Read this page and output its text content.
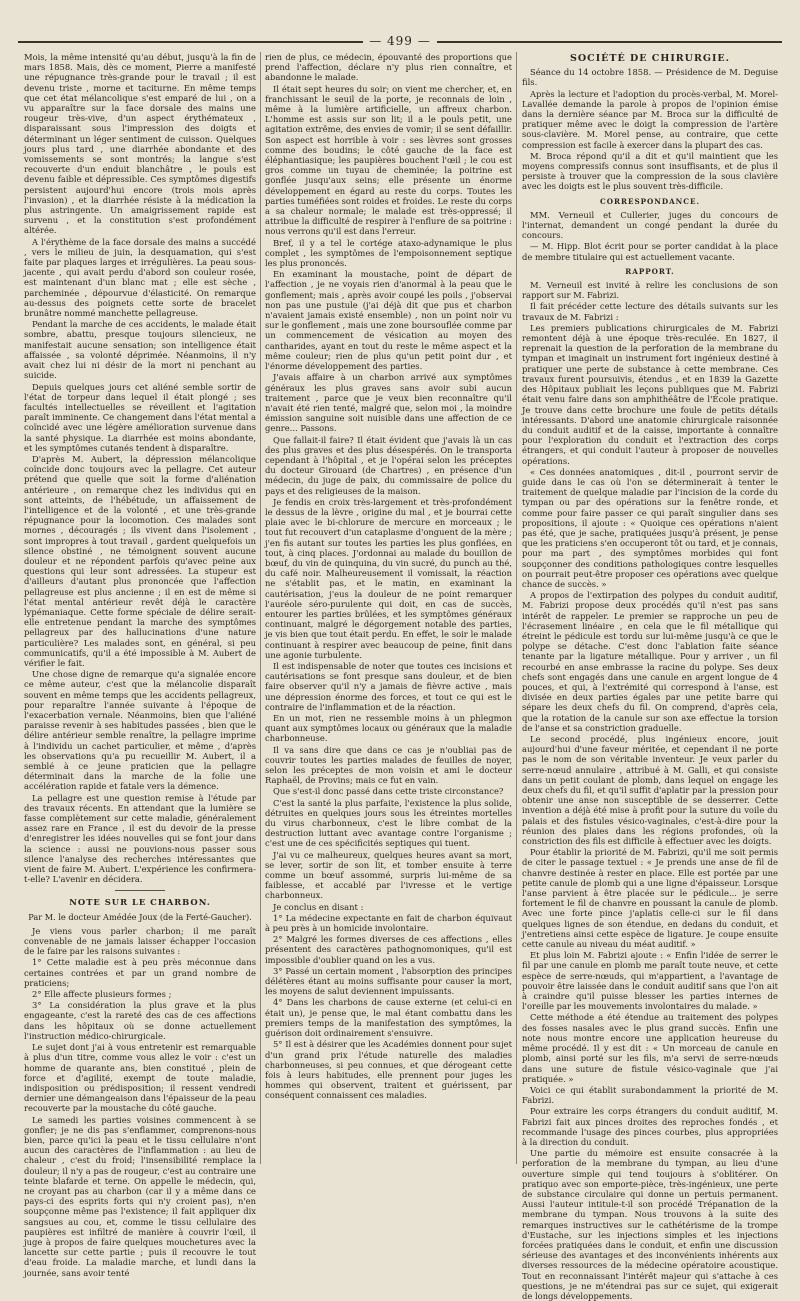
— 499 —

Mois, la même intensité qu'au début, jusqu'à la fin de mars 1858. Mais, dès ce moment, Pierre a manifesté une répugnance très-grande pour le travail ; il est devenu triste , morne et taciturne. En même temps que cet état mélancolique s'est emparé de lui , on a vu apparaître sur la face dorsale des mains une rougeur très-vive, d'un aspect érythémateux , disparaissant sous l'impression des doigts et déterminant un léger sentiment de cuisson. Quelques jours plus tard , une diarrhée abondante et des vomissements se sont montrés; la langue s'est recouverte d'un enduit blanchâtre , le pouls est devenu faible et dépressible. Ces symptômes digestifs persistent aujourd'hui encore (trois mois après l'invasion) , et la diarrhée résiste à la médication la plus astringente. Un amaigrissement rapide est survenu , et la constitution s'est profondément altérée.

A l'érythème de la face dorsale des mains a succédé , vers le milieu de juin, la desquamation, qui s'est faite par plaques larges et irrégulières. La peau sous-jacente , qui avait perdu d'abord son couleur rosée, est maintenant d'un blanc mat ; elle est sèche , parcheminée , dépourvue d'élasticité. On remarque au-dessus des poignets cette sorte de bracelet brunâtre nommé manchette pellagreuse.

Pendant la marche de ces accidents, le malade était sombre, abattu, presque toujours silencieux, ne manifestait aucune sensation; son intelligence était affaissée , sa volonté déprimée. Néanmoins, il n'y avait chez lui ni désir de la mort ni penchant au suicide.

Depuis quelques jours cet aliéné semble sortir de l'état de torpeur dans lequel il était plongé ; ses facultés intellectuelles se réveillent et l'agitation paraît imminente. Ce changement dans l'état mental a coïncidé avec une légère amélioration survenue dans la santé physique. La diarrhée est moins abondante, et les symptômes cutanés tendent à disparaître.

D'après M. Aubert, la dépression mélancolique coïncide donc toujours avec la pellagre. Cet auteur prétend que quelle que soit la forme d'aliénation antérieure , on remarque chez les individus qui en sont atteints, de l'hébétude, un affaissement de l'intelligence et de la volonté , et une très-grande répugnance pour la locomotion. Ces malades sont mornes , découragés ; ils vivent dans l'isolement , sont impropres à tout travail , gardent quelquefois un silence obstiné , ne témoignent souvent aucune douleur et ne répondent parfois qu'avec peine aux questions qui leur sont adressées. La stupeur est d'ailleurs d'autant plus prononcée que l'affection pellagreuse est plus ancienne ; il en est de même si l'état mental antérieur revêt déjà le caractère lypémaniaque. Cette forme spéciale de délire serait-elle entretenue pendant la marche des symptômes pellagreux par des hallucinations d'une nature particulière? Les malades sont, en général, si peu communicatifs, qu'il a été impossible à M. Aubert de vérifier le fait.

Une chose digne de remarque qu'a signalée encore ce même auteur, c'est que la mélancolie disparaît souvent en même temps que les accidents pellagreux, pour reparaître l'année suivante à l'époque de l'exacerbation vernale. Néanmoins, bien que l'aliéné paraisse revenir à ses habitudes passées , bien que le délire antérieur semble renaître, la pellagre imprime à l'individu un cachet particulier, et même , d'après les observations qu'a pu recueillir M. Aubert, il a semblé à ce jeune praticien que la pellagre déterminait dans la marche de la folie une accélération rapide et fatale vers la démence.

La pellagre est une question remise à l'étude par des travaux récents. En attendant que la lumière se fasse complètement sur cette maladie, généralement assez rare en France , il est du devoir de la presse d'enregistrer les idées nouvelles qui se font jour dans la science : aussi ne pouvions-nous passer sous silence l'analyse des recherches intéressantes que vient de faire M. Aubert. L'expérience les confirmera-t-elle? L'avenir en décidera.

NOTE SUR LE CHARBON.
Par M. le docteur Amédée Joux (de la Ferté-Gaucher).

Je viens vous parler charbon; il me paraît convenable de ne jamais laisser échapper l'occasion de le faire par les raisons suivantes :

1° Cette maladie est à peu près méconnue dans certaines contrées et par un grand nombre de praticiens;

2° Elle affecte plusieurs formes ;

3° La considération la plus grave et la plus engageante, c'est la rareté des cas de ces affections dans les hôpitaux où se donne actuellement l'instruction médico-chirurgicale.

Le sujet dont j'ai à vous entretenir est remarquable à plus d'un titre, comme vous allez le voir : c'est un homme de quarante ans, bien constitué , plein de force et d'agilité, exempt de toute maladie, indisposition ou prédisposition; il ressent vendredi dernier une démangeaison dans l'épaisseur de la peau recouverte par la moustache du côté gauche.

Le samedi les parties voisines commencent à se gonfler; je ne dis pas s'enflammer, comprenons-nous bien, parce qu'ici la peau et le tissu cellulaire n'ont aucun des caractères de l'inflammation : au lieu de chaleur , c'est du froid; l'insensibilité remplace la douleur; il n'y a pas de rougeur, c'est au contraire une teinte blafarde et terne. On appelle le médecin, qui, ne croyant pas au charbon (car il y a même dans ce pays-ci des esprits forts qui n'y croient pas), n'en soupçonne même pas l'existence; il fait appliquer dix sangsues au cou, et, comme le tissu cellulaire des paupières est infiltré de manière à couvrir l'œil, il juge à propos de faire quelques mouchetures avec la lancette sur cette partie ; puis il recouvre le tout d'eau froide. La maladie marche, et lundi dans la journée, sans avoir tenté

rien de plus, ce médecin, épouvanté des proportions que prend l'affection, déclare n'y plus rien connaître, et abandonne le malade.

Il était sept heures du soir; on vient me chercher, et, en franchissant le seuil de la porte, je reconnais de loin , même à la lumière artificielle, un affreux charbon. L'homme est assis sur son lit; il a le pouls petit, une agitation extrême, des envies de vomir; il se sent défaillir. Son aspect est horrible à voir : ses lèvres sont grosses comme des boudins; le côté gauche de la face est éléphantiasique; les paupières bouchent l'œil ; le cou est gros comme un tuyau de cheminée; la poitrine est gonflée jusqu'aux seins; elle présente un énorme développement en égard au reste du corps. Toutes les parties tuméfiées sont roides et froides. Le reste du corps a sa chaleur normale; le malade est très-oppressé; il attribue la difficulté de respirer à l'enflure de sa poitrine : nous verrons qu'il est dans l'erreur.

Bref, il y a tel le cortége ataxo-adynamique le plus complet , les symptômes de l'empoisonnement septique les plus prononcés.

En examinant la moustache, point de départ de l'affection , je ne voyais rien d'anormal à la peau que le gonflement; mais , après avoir coupé les poils , j'observai non pas une pustule (j'ai déjà dit que pus et charbon n'avaient jamais existé ensemble) , non un point noir vu sur le gonflement , mais une zone boursouflée comme par un commencement de vésication au moyen des cantharides, ayant en tout du reste le même aspect et la même couleur; rien de plus qu'un petit point dur , et l'énorme développement des parties.

J'avais affaire à un charbon arrivé aux symptômes généraux les plus graves sans avoir subi aucun traitement , parce que je veux bien reconnaître qu'il n'avait été rien tenté, malgré que, selon moi , la moindre émission sanguine soit nuisible dans une affection de ce genre... Passons.

Que fallait-il faire? Il était évident que j'avais là un cas des plus graves et des plus désespérés. On le transporta cependant à l'hôpital , et je l'opérai selon les préceptes du docteur Girouard (de Chartres) , en présence d'un médecin, du juge de paix, du commissaire de police du pays et des religieuses de la maison.

Je fendis en croix très-largement et très-profondément le dessus de la lèvre , origine du mal , et je bourrai cette plaie avec le bi-chlorure de mercure en morceaux ; le tout fut recouvert d'un cataplasme d'onguent de la mère ; j'en fis autant sur toutes les parties les plus gonflées, en tout, à cinq places. J'ordonnai au malade du bouillon de bœuf, du vin de quinquina, du vin sucré, du punch au thé, du café noir. Malheureusement il vomissait, la réaction ne s'établit pas, et le matin, en examinant la cautérisation, j'eus la douleur de ne point remarquer l'auréole séro-purulente qui doit, en cas de succès, entourer les parties brûlées, et les symptômes généraux continuant, malgré le dégorgement notable des parties, je vis bien que tout était perdu. En effet, le soir le malade continuant à respirer avec beaucoup de peine, finit dans une agonie turbulente.

Il est indispensable de noter que toutes ces incisions et cautérisations se font presque sans douleur, et de bien faire observer qu'il n'y a jamais de fièvre active , mais une dépression énorme des forces, et tout ce qui est le contraire de l'inflammation et de la réaction.

En un mot, rien ne ressemble moins à un phlegmon quant aux symptômes locaux ou généraux que la maladie charbonneuse.

Il va sans dire que dans ce cas je n'oubliai pas de couvrir toutes les parties malades de feuilles de noyer, selon les préceptes de mon voisin et ami le docteur Raphaël, de Provins; mais ce fut en vain.

Que s'est-il donc passé dans cette triste circonstance?

C'est la santé la plus parfaite, l'existence la plus solide, détruites en quelques jours sous les étreintes mortelles du virus charbonneux, c'est le libre combat de la destruction luttant avec avantage contre l'organisme ; c'est une de ces spécificités septiques qui tuent.

J'ai vu ce malheureux, quelques heures avant sa mort, se lever, sortir de son lit, et tomber ensuite à terre comme un bœuf assommé, surpris lui-même de sa faiblesse, et accablé par l'ivresse et le vertige charbonneux.

Je conclus en disant :

1° La médecine expectante en fait de charbon équivaut à peu près à un homicide involontaire.

2° Malgré les formes diverses de ces affections , elles présentent des caractères pathognomoniques, qu'il est impossible d'oublier quand on les a vus.

3° Passé un certain moment , l'absorption des principes délétères étant au moins suffisante pour causer la mort, les moyens de salut deviennent impuissants.

4° Dans les charbons de cause externe (et celui-ci en était un), je pense que, le mal étant combattu dans les premiers temps de la manifestation des symptômes, la guérison doit ordinairement s'ensuivre.

5° Il est à désirer que les Académies donnent pour sujet d'un grand prix l'étude naturelle des maladies charbonneuses, si peu connues, et que dérogeant cette fois à leurs habitudes, elle prennent pour juges les hommes qui observent, traitent et guérissent, par conséquent connaissent ces maladies.

SOCIÉTÉ DE CHIRURGIE.

Séance du 14 octobre 1858. — Présidence de M. Deguise fils.

Après la lecture et l'adoption du procès-verbal, M. Morel-Lavallée demande la parole à propos de l'opinion émise dans la dernière séance par M. Broca sur la difficulté de pratiquer même avec le doigt la compression de l'artère sous-clavière. M. Morel pense, au contraire, que cette compression est facile à exercer dans la plupart des cas.

M. Broca répond qu'il a dit et qu'il maintient que les moyens compressifs connus sont insuffisants, et de plus il persiste à trouver que la compression de la sous clavière avec les doigts est le plus souvent très-difficile.

CORRESPONDANCE.

MM. Verneuil et Cullerier, juges du concours de l'internat, demandent un congé pendant la durée du concours.

— M. Hipp. Blot écrit pour se porter candidat à la place de membre titulaire qui est actuellement vacante.

RAPPORT.

M. Verneuil est invité à relire les conclusions de son rapport sur M. Fabrizi.

Il fait précéder cette lecture des détails suivants sur les travaux de M. Fabrizi :

Les premiers publications chirurgicales de M. Fabrizi remontent déjà à une époque très-reculée. En 1827, il reprenait la question de la perforation de la membrane du tympan et imaginait un instrument fort ingénieux destiné à pratiquer une perte de substance à cette membrane. Ces travaux furent poursuivis, étendus , et en 1839 la Gazette des Hôpitaux publiait les leçons publiques que M. Fabrizi était venu faire dans son amphithéâtre de l'École pratique. Je trouve dans cette brochure une foule de petits détails intéressants. D'abord une anatomie chirurgicale raisonnée du conduit auditif et de la caisse, importante à connaître pour l'exploration du conduit et l'extraction des corps étrangers, et qui conduit l'auteur à proposer de nouvelles opérations.

« Ces données anatomiques , dit-il , pourront servir de guide dans le cas où l'on se déterminerait à tenter le traitement de quelque maladie par l'incision de la corde du tympan ou par des opérations sur la fenêtre ronde, et comme pour faire passer ce qui paraît singulier dans ses propositions, il ajoute : « Quoique ces opérations n'aient pas été, que je sache, pratiquées jusqu'à présent, je pense que les praticiens s'en occuperont tôt ou tard, et je connais, pour ma part , des symptômes morbides qui font soupçonner des conditions pathologiques contre lesquelles on pourrait peut-être proposer ces opérations avec quelque chance de succès. »

A propos de l'extirpation des polypes du conduit auditif, M. Fabrizi propose deux procédés qu'il n'est pas sans intérêt de rappeler. Le premier se rapproche un peu de l'écrasement linéaire , en cela que le fil métallique qui étreint le pédicule est tordu sur lui-même jusqu'à ce que le polype se détache. C'est donc l'ablation faite séance tenante par la ligature métallique. Pour y arriver , un fil recourbé en anse embrasse la racine du polype. Ses deux chefs sont engagés dans une canule en argent longue de 4 pouces, et qui, à l'extrémité qui correspond à l'anse, est divisée en deux parties égales par une petite barre qui sépare les deux chefs du fil. On comprend, d'après cela, que la rotation de la canule sur son axe effectue la torsion de l'anse et sa constriction graduelle.

Le second procédé, plus ingénieux encore, jouit aujourd'hui d'une faveur méritée, et cependant il ne porte pas le nom de son véritable inventeur. Je veux parler du serre-nœud annulaire , attribué à M. Galli, et qui consiste dans un petit coulant de plomb, dans lequel on engage les deux chefs du fil, et qu'il suffit d'aplatir par la pression pour obtenir une anse non susceptible de se desserrer. Cette invention a déjà été mise à profit pour la suture du voile du palais et des fistules vésico-vaginales, c'est-à-dire pour la réunion des plaies dans les régions profondes, où la constriction des fils est difficile à effectuer avec les doigts.

Pour établir la priorité de M. Fabrizi, qu'il me soit permis de citer le passage textuel : « Je prends une anse de fil de chanvre destinée à rester en place. Elle est portée par une petite canule de plomb qui a une ligne d'épaisseur. Lorsque l'anse parvient à être placée sur le pédicule... je serre fortement le fil de chanvre en poussant la canule de plomb. Avec une forte pince j'aplatis celle-ci sur le fil dans quelques lignes de son étendue, en dedans du conduit, et j'entretiens ainsi cette espèce de ligature. Je coupe ensuite cette canule au niveau du méat auditif. »

Et plus loin M. Fabrizi ajoute : « Enfin l'idée de serrer le fil par une canule en plomb me paraît toute neuve, et cette espèce de serre-nœuds, qui m'appartient, a l'avantage de pouvoir être laissée dans le conduit auditif sans que l'on ait à craindre qu'il puisse blesser les parties internes de l'oreille par les mouvements involontaires du malade. »

Cette méthode a été étendue au traitement des polypes des fosses nasales avec le plus grand succès. Enfin une note nous montre encore une application heureuse du même procédé. Il y est dit : « Un morceau de canule en plomb, ainsi porté sur les fils, m'a servi de serre-nœuds dans une suture de fistule vésico-vaginale que j'ai pratiquée. »

Voici ce qui établit surabondamment la priorité de M. Fabrizi.

Pour extraire les corps étrangers du conduit auditif, M. Fabrizi fait aux pinces droites des reproches fondés , et recommande l'usage des pinces courbes, plus appropriées à la direction du conduit.

Une partie du mémoire est ensuite consacrée à la perforation de la membrane du tympan, au lieu d'une ouverture simple qui tend toujours à s'oblitérer. On pratiquo avec son emporte-pièce, très-ingénieux, une perte de substance circulaire qui donne un pertuis permanent. Aussi l'auteur intitule-t-il son procédé Trépanation de la membrane du tympan. Nous trouvons à la suite des remarques instructives sur le cathétérisme de la trompe d'Eustache, sur les injections simples et les injections forcées pratiquées dans le conduit, et enfin une discussion sérieuse des avantages et des inconvénients inhérents aux diverses ressources de la médecine opératoire acoustique. Tout en reconnaissant l'intérêt majeur qui s'attache à ces questions, je ne m'étendrai pas sur ce sujet, qui exigerait de longs développements.
